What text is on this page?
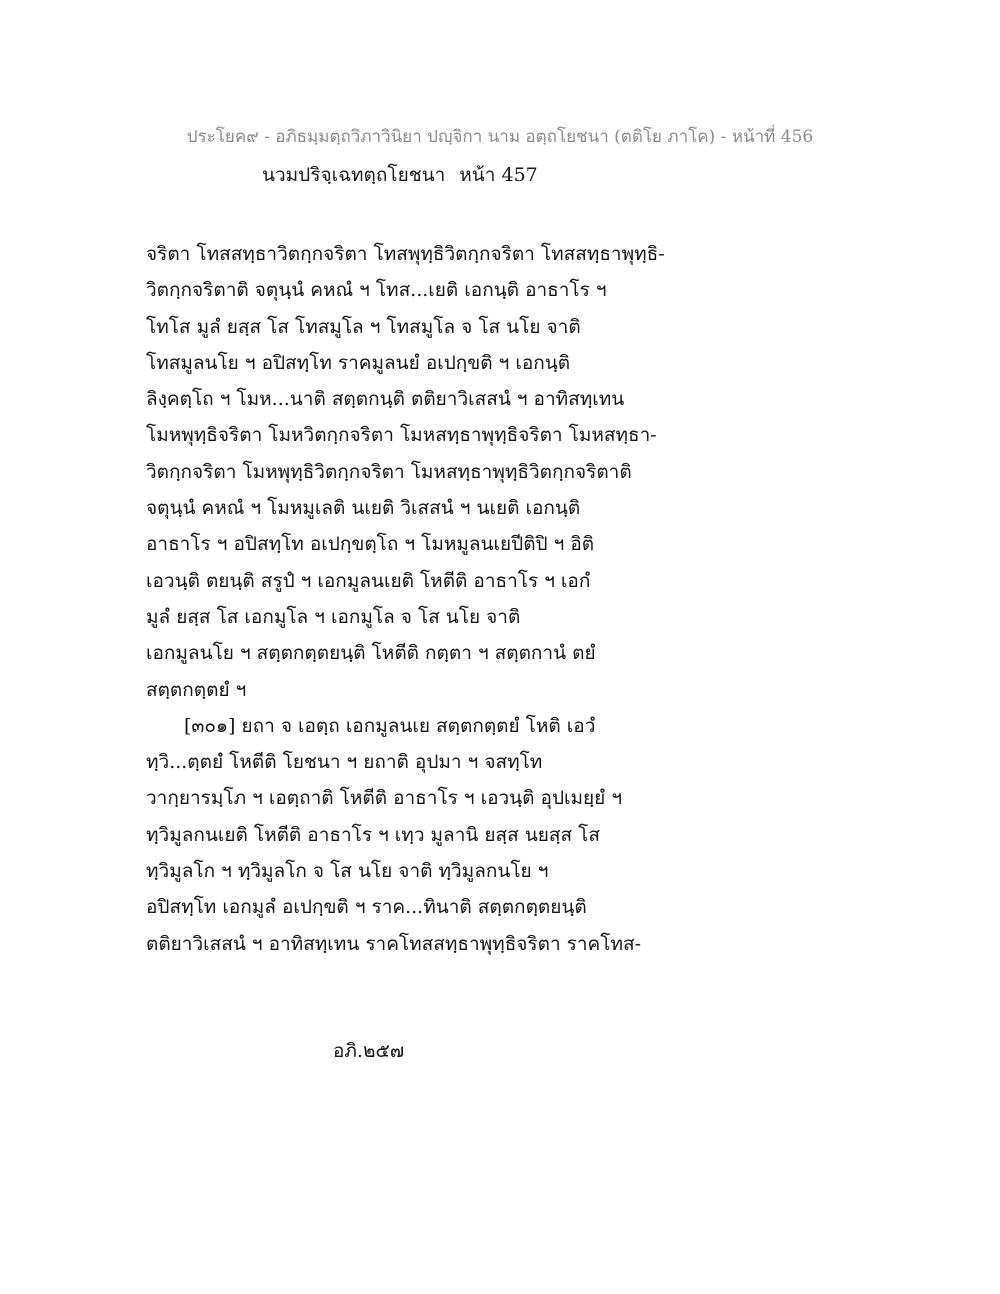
ประโยค๙ - อภิธมฺมตฺถวิภาวินิยา ปญฺจิกา นาม อตฺถโยชนา (ตติโย ภาโค) - หน้าที่ 456
นวมปริจฺเฉทตฺถโยชนา หน้า 457
จริตา โทสสทฺธาวิตกฺกจริตา โทสพุทฺธิวิตกฺกจริตา โทสสทฺธาพุทฺธิ-
วิตกฺกจริตาติ จตุนฺนํ คหณํ ฯ โทส...เยติ เอกนฺติ อาธาโร ฯ
โทโส มูลํ ยสฺส โส โทสมูโล ฯ โทสมูโล จ โส นโย จาติ
โทสมูลนโย ฯ อปิสทฺโท ราคมูลนยํ อเปกฺขติ ฯ เอกนฺติ
ลิงฺคตฺโถ ฯ โมห...นาติ สตฺตกนฺติ ตติยาวิเสสนํ ฯ อาทิสทฺเทน
โมหพุทฺธิจริตา โมหวิตกฺกจริตา โมหสทฺธาพุทฺธิจริตา โมหสทฺธา-
วิตกฺกจริตา โมหพุทฺธิวิตกฺกจริตา โมหสทฺธาพุทฺธิวิตกฺกจริตาติ
จตุนฺนํ คหณํ ฯ โมหมูเลติ นเยติ วิเสสนํ ฯ นเยติ เอกนฺติ
อาธาโร ฯ อปิสทฺโท อเปกฺขตฺโถ ฯ โมหมูลนเยปีติปิ ฯ อิติ
เอวนฺติ ตยนฺติ สรูปํ ฯ เอกมูลนเยติ โหตีติ อาธาโร ฯ เอกํ
มูลํ ยสฺส โส เอกมูโล ฯ เอกมูโล จ โส นโย จาติ
เอกมูลนโย ฯ สตฺตกตฺตยนฺติ โหตีติ กตฺตา ฯ สตฺตกานํ ตยํ
สตฺตกตฺตยํ ฯ
[๓๐๑] ยถา จ เอตฺถ เอกมูลนเย สตฺตกตฺตยํ โหติ เอวํ
ทฺวิ...ตฺตยํ โหตีติ โยชนา ฯ ยถาติ อุปมา ฯ จสทฺโท
วากฺยารมฺโภ ฯ เอตฺถาติ โหตีติ อาธาโร ฯ เอวนฺติ อุปเมยฺยํ ฯ
ทฺวิมูลกนเยติ โหตีติ อาธาโร ฯ เทฺว มูลานิ ยสฺส นยสฺส โส
ทฺวิมูลโก ฯ ทฺวิมูลโก จ โส นโย จาติ ทฺวิมูลกนโย ฯ
อปิสทฺโท เอกมูลํ อเปกฺขติ ฯ ราค...ทินาติ สตฺตกตฺตยนฺติ
ตติยาวิเสสนํ ฯ อาทิสทฺเทน ราคโทสสทฺธาพุทฺธิจริตา ราคโทส-
อภิ.๒๕๗
